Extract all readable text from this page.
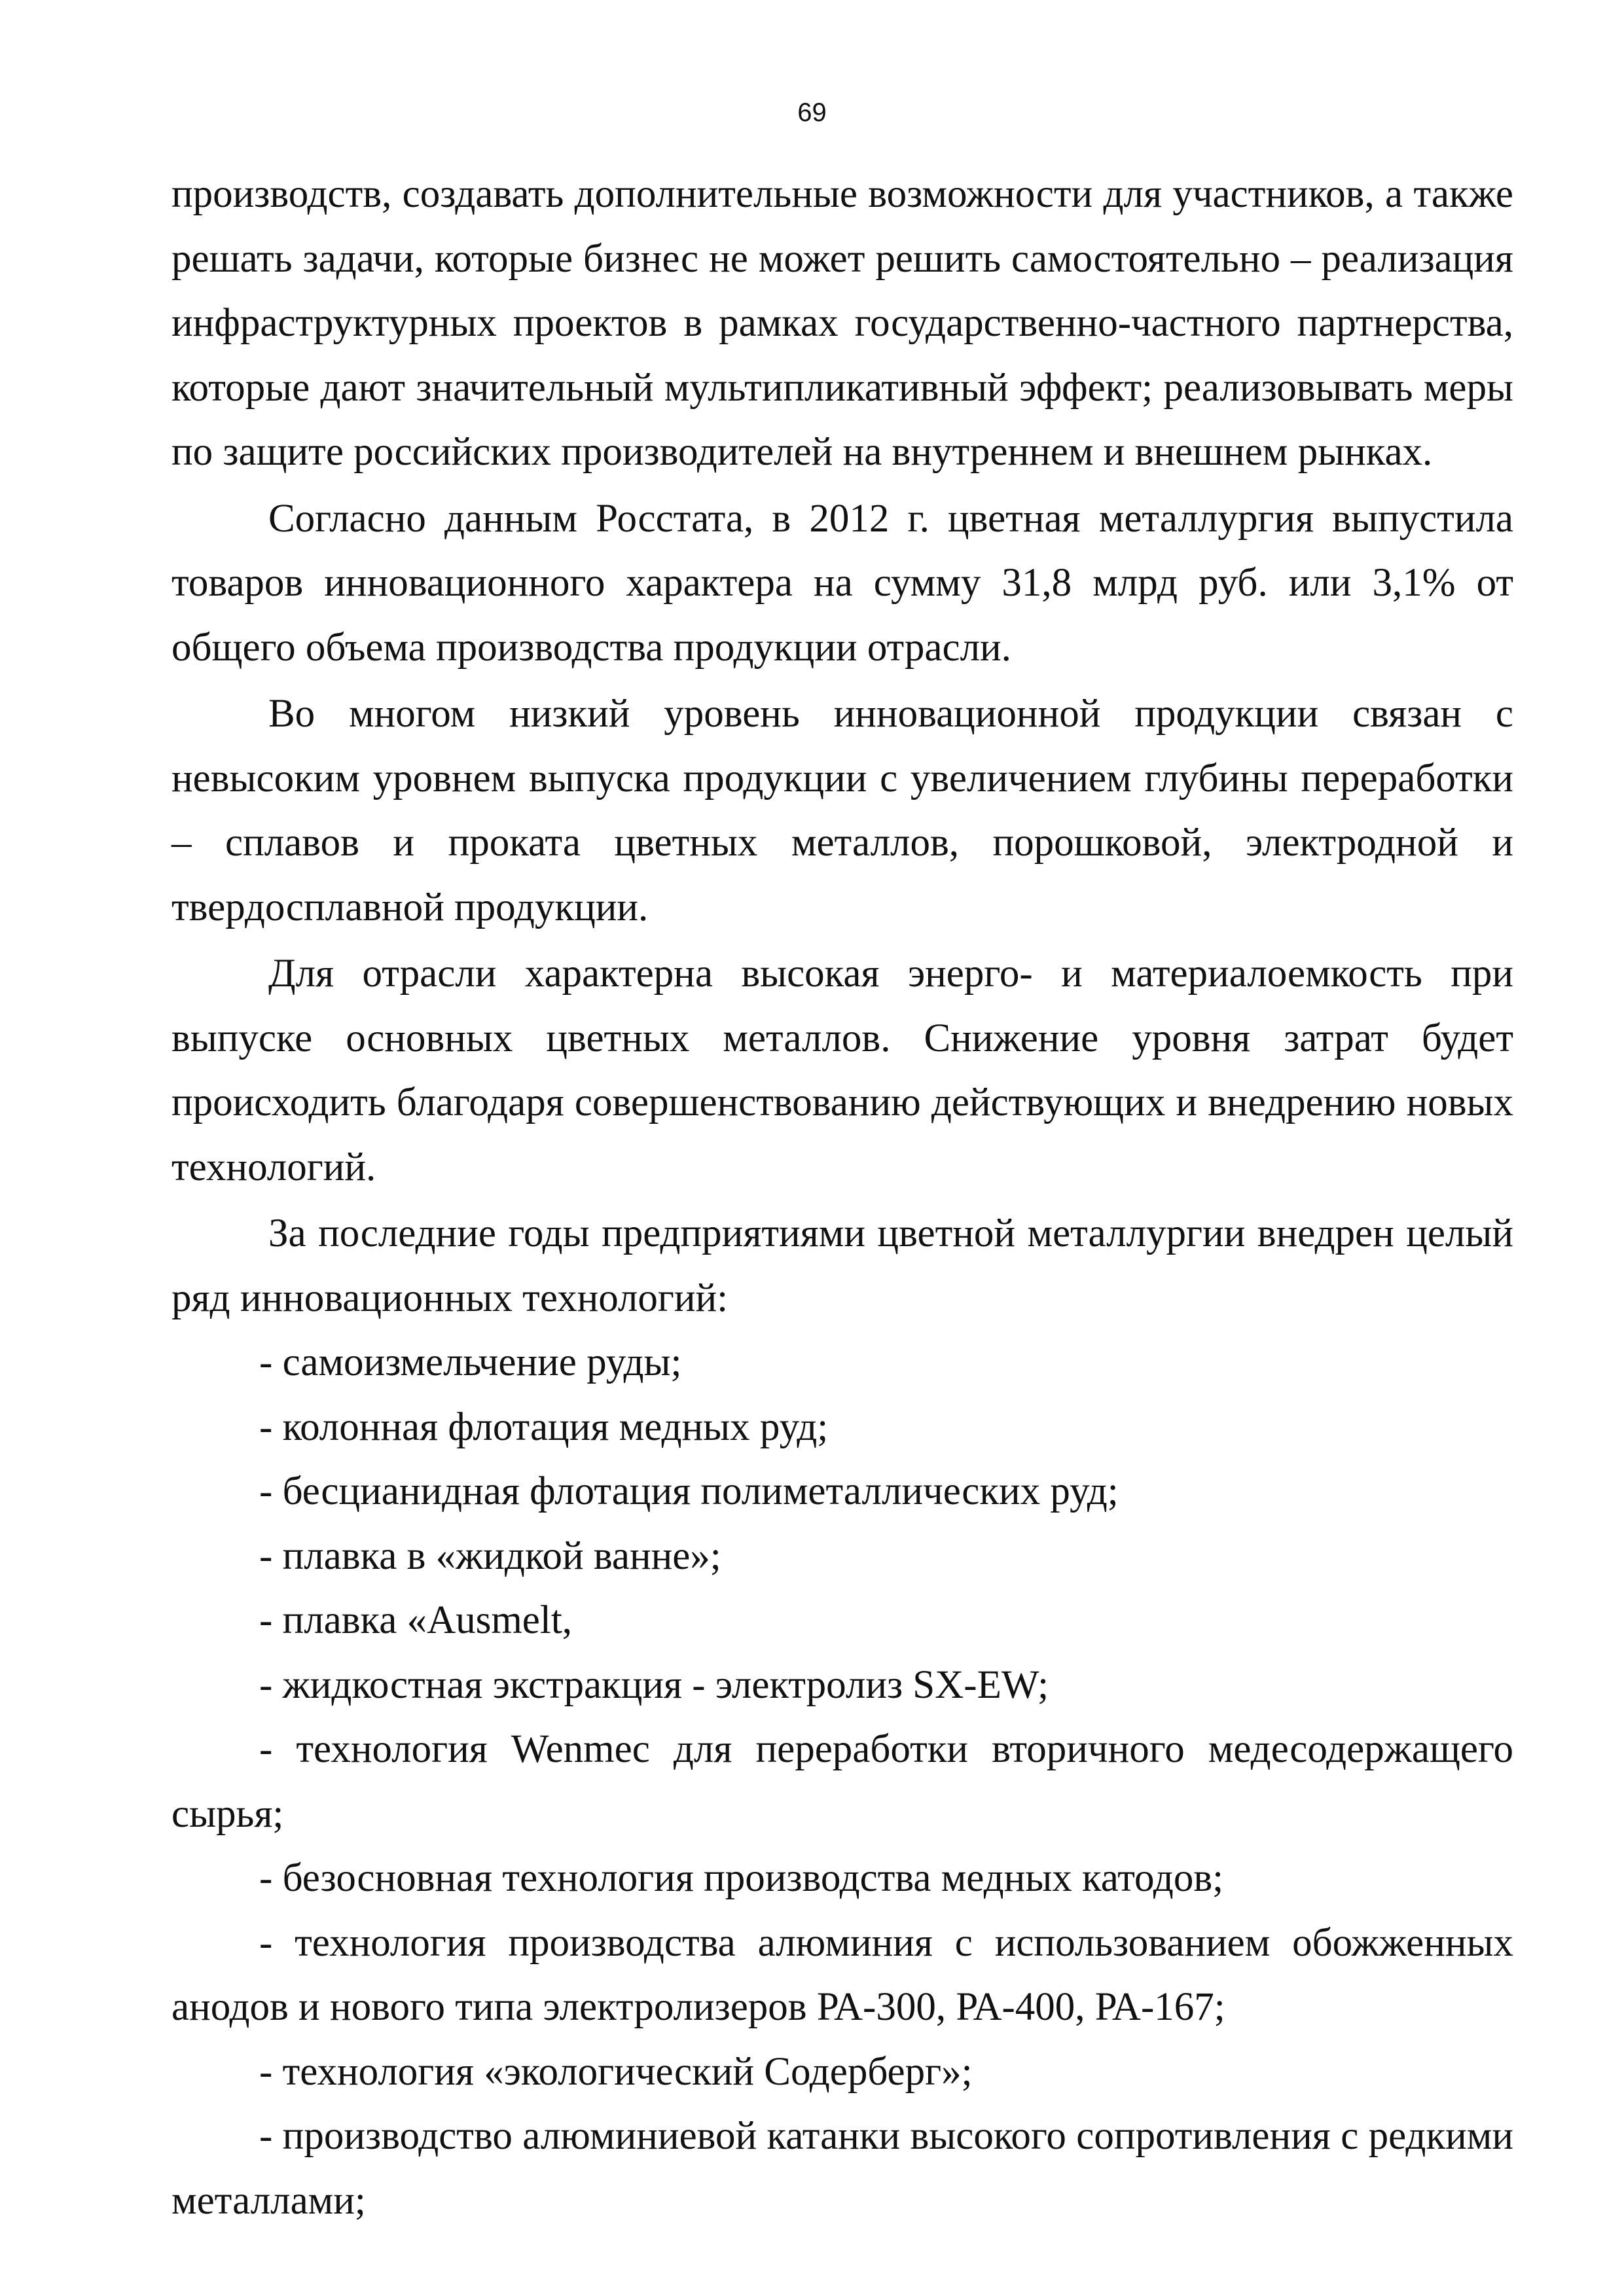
69

производств, создавать дополнительные возможности для участников, а также решать задачи, которые бизнес не может решить самостоятельно – реализация инфраструктурных проектов в рамках государственно-частного партнерства, которые дают значительный мультипликативный эффект; реализовывать меры по защите российских производителей на внутреннем и внешнем рынках.

Согласно данным Росстата, в 2012 г. цветная металлургия выпустила товаров инновационного характера на сумму 31,8 млрд руб. или 3,1% от общего объема производства продукции отрасли.

Во многом низкий уровень инновационной продукции связан с невысоким уровнем выпуска продукции с увеличением глубины переработки – сплавов и проката цветных металлов, порошковой, электродной и твердосплавной продукции.

Для отрасли характерна высокая энерго- и материалоемкость при выпуске основных цветных металлов. Снижение уровня затрат будет происходить благодаря совершенствованию действующих и внедрению новых технологий.

За последние годы предприятиями цветной металлургии внедрен целый ряд инновационных технологий:

- самоизмельчение руды;

- колонная флотация медных руд;

- бесцианидная флотация полиметаллических руд;

- плавка в «жидкой ванне»;

- плавка «Ausmelt,

- жидкостная экстракция - электролиз SX-EW;

- технология Wenmec для переработки вторичного медесодержащего сырья;

- безосновная технология производства медных катодов;

- технология производства алюминия с использованием обожженных анодов и нового типа электролизеров РА-300, РА-400, РА-167;

- технология «экологический Содерберг»;

- производство алюминиевой катанки высокого сопротивления с редкими металлами;
